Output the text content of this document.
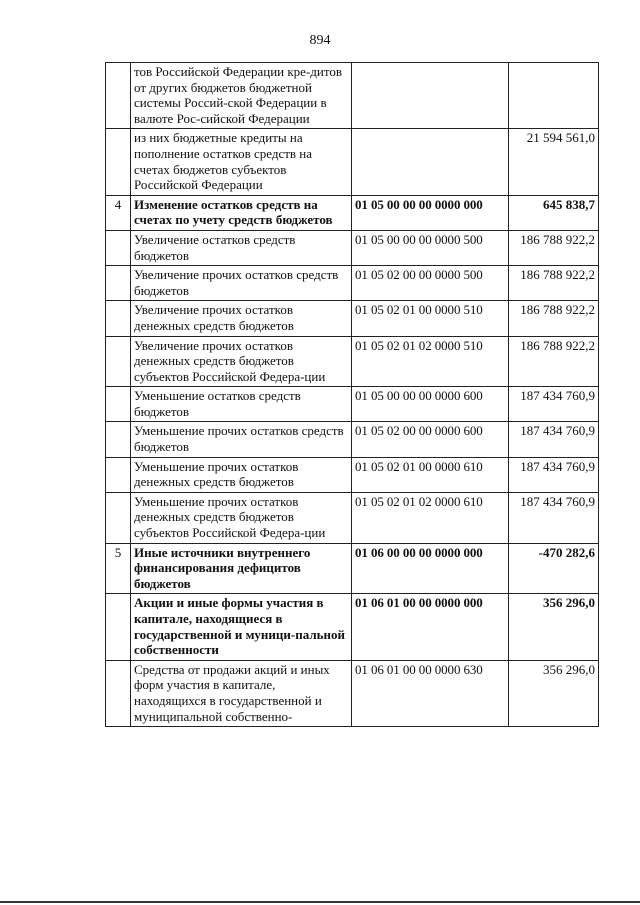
894
	тов Российской Федерации кре-дитов от других бюджетов бюджетной системы Россий-ской Федерации в валюте Рос-сийской Федерации		
	из них бюджетные кредиты на пополнение остатков средств на счетах бюджетов субъектов Российской Федерации		21 594 561,0
4	Изменение остатков средств на счетах по учету средств бюджетов	01 05 00 00 00 0000 000	645 838,7
	Увеличение остатков средств бюджетов	01 05 00 00 00 0000 500	186 788 922,2
	Увеличение прочих остатков средств бюджетов	01 05 02 00 00 0000 500	186 788 922,2
	Увеличение прочих остатков денежных средств бюджетов	01 05 02 01 00 0000 510	186 788 922,2
	Увеличение прочих остатков денежных средств бюджетов субъектов Российской Федера-ции	01 05 02 01 02 0000 510	186 788 922,2
	Уменьшение остатков средств бюджетов	01 05 00 00 00 0000 600	187 434 760,9
	Уменьшение прочих остатков средств бюджетов	01 05 02 00 00 0000 600	187 434 760,9
	Уменьшение прочих остатков денежных средств бюджетов	01 05 02 01 00 0000 610	187 434 760,9
	Уменьшение прочих остатков денежных средств бюджетов субъектов Российской Федера-ции	01 05 02 01 02 0000 610	187 434 760,9
5	Иные источники внутреннего финансирования дефицитов бюджетов	01 06 00 00 00 0000 000	-470 282,6
	Акции и иные формы участия в капитале, находящиеся в государственной и муници-пальной собственности	01 06 01 00 00 0000 000	356 296,0
	Средства от продажи акций и иных форм участия в капитале, находящихся в государственной и муниципальной собственно-	01 06 01 00 00 0000 630	356 296,0
